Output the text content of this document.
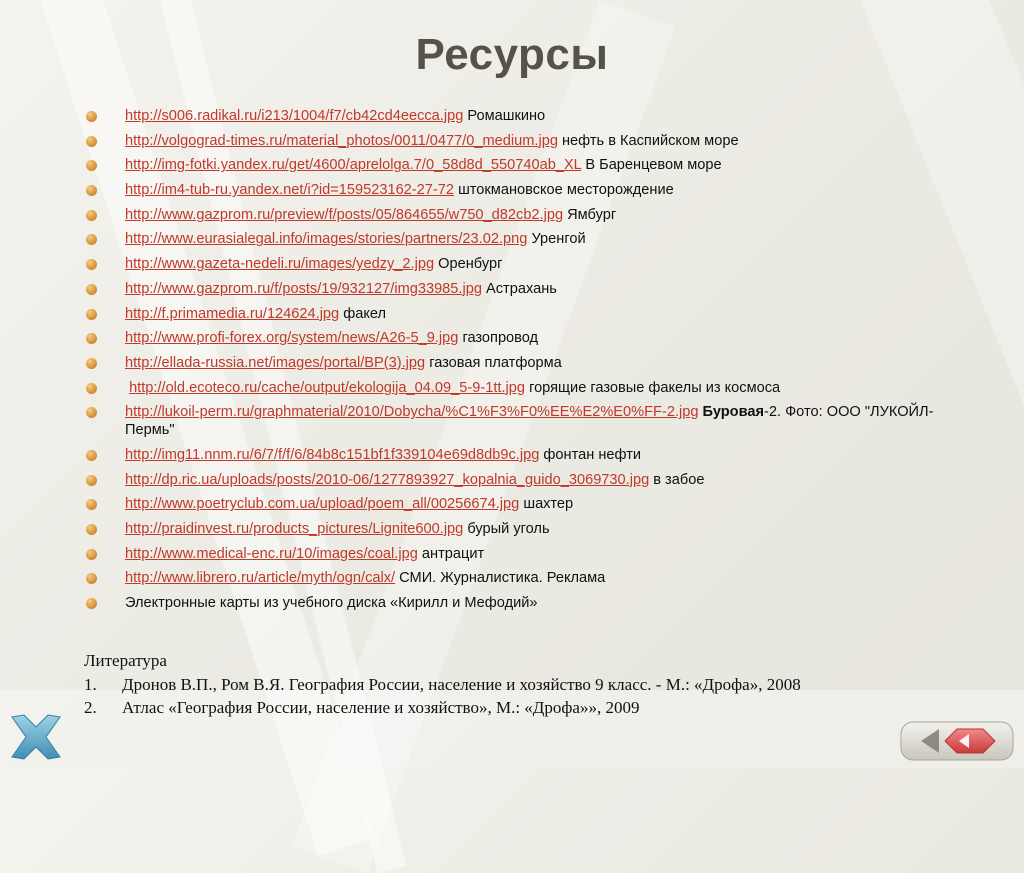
Ресурсы
http://s006.radikal.ru/i213/1004/f7/cb42cd4eecca.jpg Ромашкино
http://volgograd-times.ru/material_photos/0011/0477/0_medium.jpg нефть в Каспийском море
http://img-fotki.yandex.ru/get/4600/aprelolga.7/0_58d8d_550740ab_XL В Баренцевом море
http://im4-tub-ru.yandex.net/i?id=159523162-27-72 штокмановское месторождение
http://www.gazprom.ru/preview/f/posts/05/864655/w750_d82cb2.jpg Ямбург
http://www.eurasialegal.info/images/stories/partners/23.02.png Уренгой
http://www.gazeta-nedeli.ru/images/yedzy_2.jpg Оренбург
http://www.gazprom.ru/f/posts/19/932127/img33985.jpg Астрахань
http://f.primamedia.ru/124624.jpg факел
http://www.profi-forex.org/system/news/A26-5_9.jpg газопровод
http://ellada-russia.net/images/portal/BP(3).jpg газовая платформа
http://old.ecoteco.ru/cache/output/ekologija_04.09_5-9-1tt.jpg горящие газовые факелы из космоса
http://lukoil-perm.ru/graphmaterial/2010/Dobycha/%C1%F3%F0%EE%E2%E0%FF-2.jpg Буровая-2. Фото: ООО "ЛУКОЙЛ-Пермь"
http://img11.nnm.ru/6/7/f/f/6/84b8c151bf1f339104e69d8db9c.jpg фонтан нефти
http://dp.ric.ua/uploads/posts/2010-06/1277893927_kopalnia_guido_3069730.jpg в забое
http://www.poetryclub.com.ua/upload/poem_all/00256674.jpg шахтер
http://praidinvest.ru/products_pictures/Lignite600.jpg бурый уголь
http://www.medical-enc.ru/10/images/coal.jpg антрацит
http://www.librero.ru/article/myth/ogn/calx/ СМИ. Журналистика. Реклама
Электронные карты из учебного диска «Кирилл и Мефодий»
Литература
1. Дронов В.П., Ром В.Я. География России, население и хозяйство 9 класс. - М.: «Дрофа», 2008
2. Атлас «География России, население и хозяйство», М.: «Дрофа»», 2009
